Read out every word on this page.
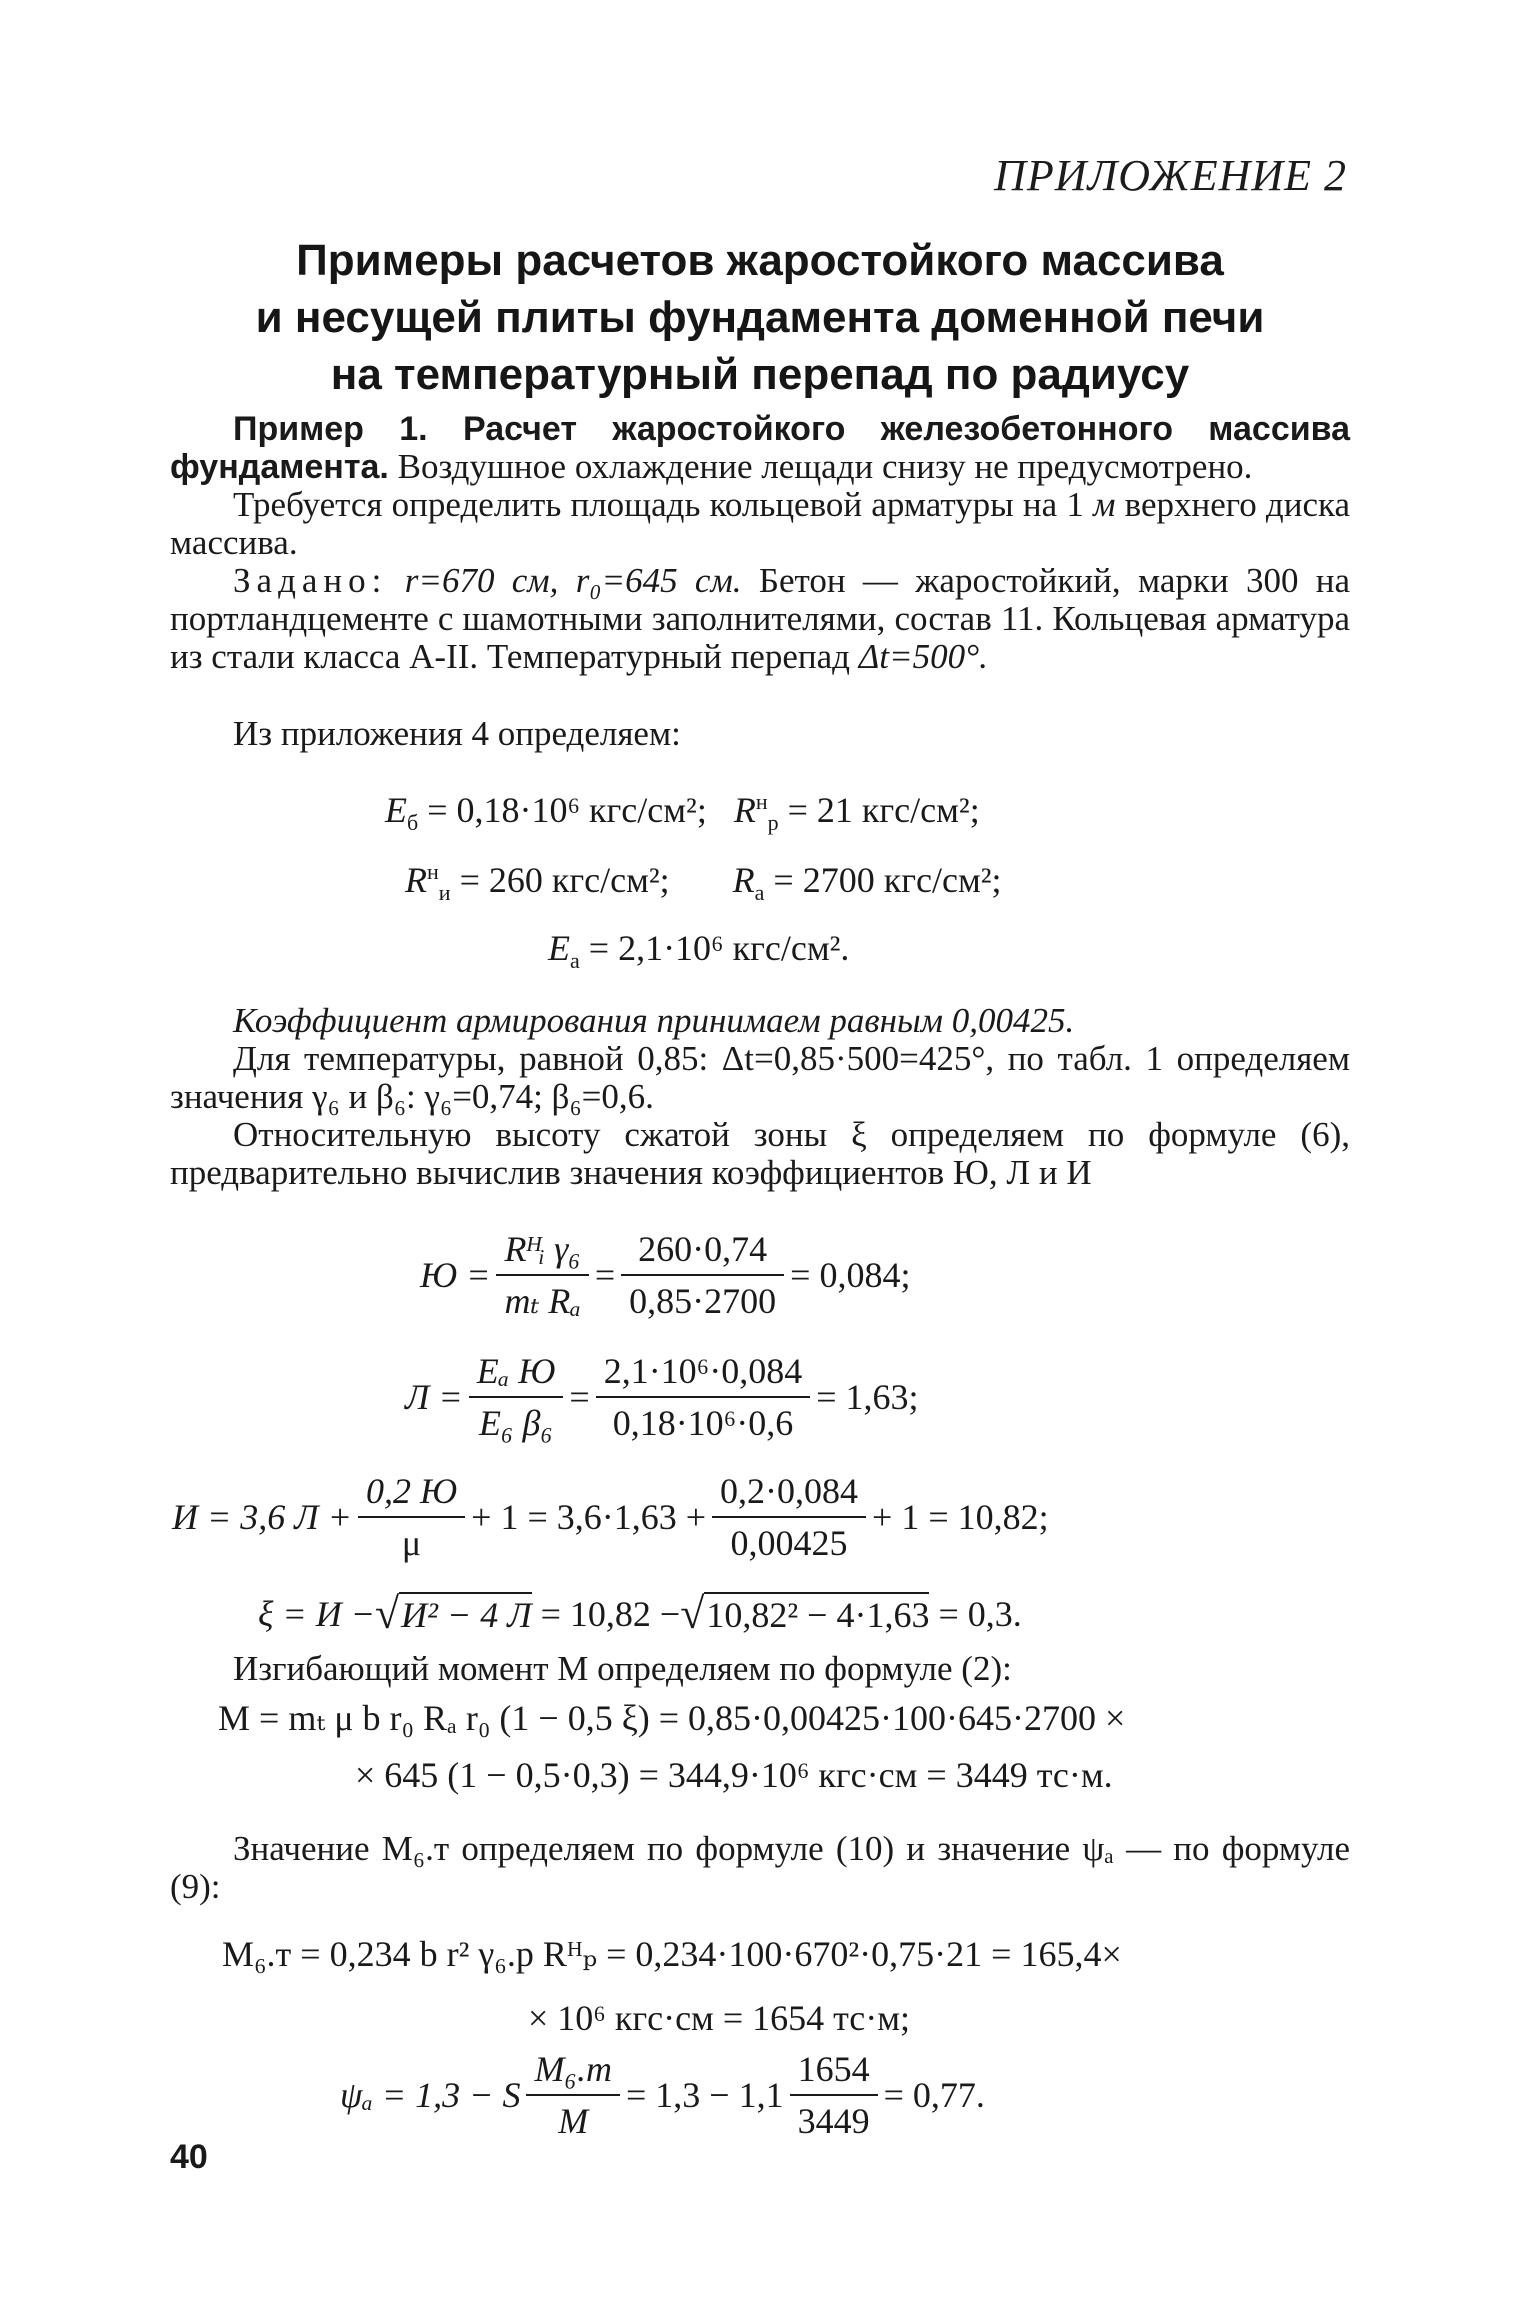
ПРИЛОЖЕНИЕ 2
Примеры расчетов жаростойкого массива
и несущей плиты фундамента доменной печи
на температурный перепад по радиусу
Пример 1. Расчет жаростойкого железобетонного массива фундамента. Воздушное охлаждение лещади снизу не предусмотрено.
Требуется определить площадь кольцевой арматуры на 1 м верхнего диска массива.
Задано: r=670 см, r₀=645 см. Бетон — жаростойкий, марки 300 на портландцементе с шамотными заполнителями, состав 11. Кольцевая арматура из стали класса А-II. Температурный перепад Δt=500°.
Из приложения 4 определяем:
$E_б = 0,18\cdot 10^6$ кгс/см²; $R^н_р = 21$ кгс/см²;
$R^н_и = 260$ кгс/см²; $R_а = 2700$ кгс/см²;
$E_а = 2,1\cdot 10^6$ кгс/см².
Коэффициент армирования принимаем равным 0,00425.
Для температуры, равной 0,85: Δt=0,85·500=425°, по табл. 1 определяем значения γ₆ и β₆: γ₆=0,74; β₆=0,6.
Относительную высоту сжатой зоны ξ определяем по формуле (6), предварительно вычислив значения коэффициентов Ю, Л и И
$Ю = \frac{\text{Rᴴᵢ γ₆}}{\text{mₜ Rₐ}} = \frac{260\cdot 0,74}{0,85\cdot 2700} = 0,084$;
$Л = \frac{\text{Eₐ Ю}}{\text{E₆ β₆}} = \frac{\text{2,1·10⁶·0,084}}{\text{0,18·10⁶·0,6}} = 1,63$;
И = 3,6 $Л + \frac{0,2 Ю}{\mu} + 1 = 3,6\cdot 1,63 + \frac{0,2\cdot 0,084}{0,00425} + 1 = 10,82$;
ξ = И − √ И² − 4 Л
= 10,82 − √ 10,82² − 4·1,63
= 0,3.
Изгибающий момент M определяем по формуле (2):
M = mₜ μ b r₀ Rₐ r₀ (1 − 0,5 ξ) = 0,85·0,00425·100·645·2700 ×
× 645 (1 − 0,5·0,3) = 344,9·10⁶ кгс·см = 3449 тс·м.
Значение M₆.т определяем по формуле (10) и значение ψₐ — по формуле (9):
M₆.т = 0,234 b r² γ₆.р Rᴴₚ = 0,234·100·670²·0,75·21 = 165,4×
× 10⁶ кгс·см = 1654 тс·м;
ψₐ = 1,3 − S $\frac{\text{M₆.т}}{M} = 1,3 - 1,1 \frac{1654}{3449} = 0,77$.
40
